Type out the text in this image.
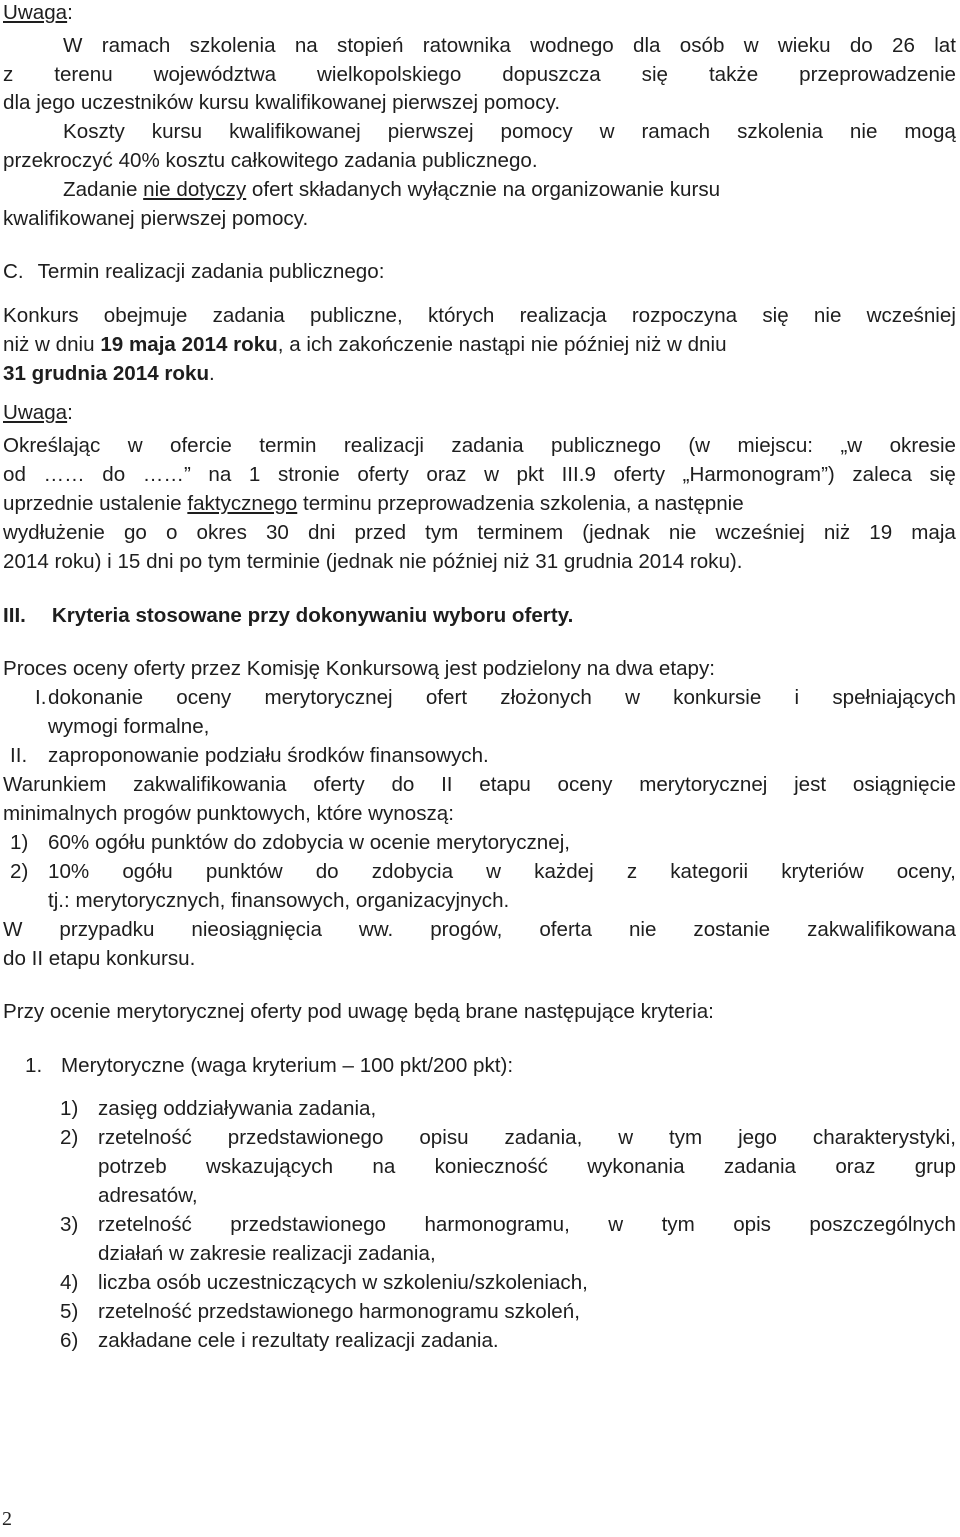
Uwaga:
W ramach szkolenia na stopień ratownika wodnego dla osób w wieku do 26 lat
z terenu województwa wielkopolskiego dopuszcza się także przeprowadzenie
dla jego uczestników kursu kwalifikowanej pierwszej pomocy.
Koszty kursu kwalifikowanej pierwszej pomocy w ramach szkolenia nie mogą
przekroczyć 40% kosztu całkowitego zadania publicznego.
Zadanie nie dotyczy ofert składanych wyłącznie na organizowanie kursu
kwalifikowanej pierwszej pomocy.
C. Termin realizacji zadania publicznego:
Konkurs obejmuje zadania publiczne, których realizacja rozpoczyna się nie wcześniej
niż w dniu 19 maja 2014 roku, a ich zakończenie nastąpi nie później niż w dniu
31 grudnia 2014 roku.
Uwaga:
Określając w ofercie termin realizacji zadania publicznego (w miejscu: „w okresie
od …… do ……” na 1 stronie oferty oraz w pkt III.9 oferty „Harmonogram”) zaleca się
uprzednie ustalenie faktycznego terminu przeprowadzenia szkolenia, a następnie
wydłużenie go o okres 30 dni przed tym terminem (jednak nie wcześniej niż 19 maja
2014 roku) i 15 dni po tym terminie (jednak nie później niż 31 grudnia 2014 roku).
III. Kryteria stosowane przy dokonywaniu wyboru oferty.
Proces oceny oferty przez Komisję Konkursową jest podzielony na dwa etapy:
I. dokonanie oceny merytorycznej ofert złożonych w konkursie i spełniających
wymogi formalne,
II.	zaproponowanie podziału środków finansowych.
Warunkiem zakwalifikowania oferty do II etapu oceny merytorycznej jest osiągnięcie
minimalnych progów punktowych, które wynoszą:
1) 60% ogółu punktów do zdobycia w ocenie merytorycznej,
2) 10% ogółu punktów do zdobycia w każdej z kategorii kryteriów oceny,
tj.: merytorycznych, finansowych, organizacyjnych.
W przypadku nieosiągnięcia ww. progów, oferta nie zostanie zakwalifikowana
do II etapu konkursu.
Przy ocenie merytorycznej oferty pod uwagę będą brane następujące kryteria:
1. Merytoryczne (waga kryterium – 100 pkt/200 pkt):
1) zasięg oddziaływania zadania,
2) rzetelność przedstawionego opisu zadania, w tym jego charakterystyki,
potrzeb wskazujących na konieczność wykonania zadania oraz grup
adresatów,
3) rzetelność przedstawionego harmonogramu, w tym opis poszczególnych
działań w zakresie realizacji zadania,
4) liczba osób uczestniczących w szkoleniu/szkoleniach,
5) rzetelność przedstawionego harmonogramu szkoleń,
6) zakładane cele i rezultaty realizacji zadania.
2
